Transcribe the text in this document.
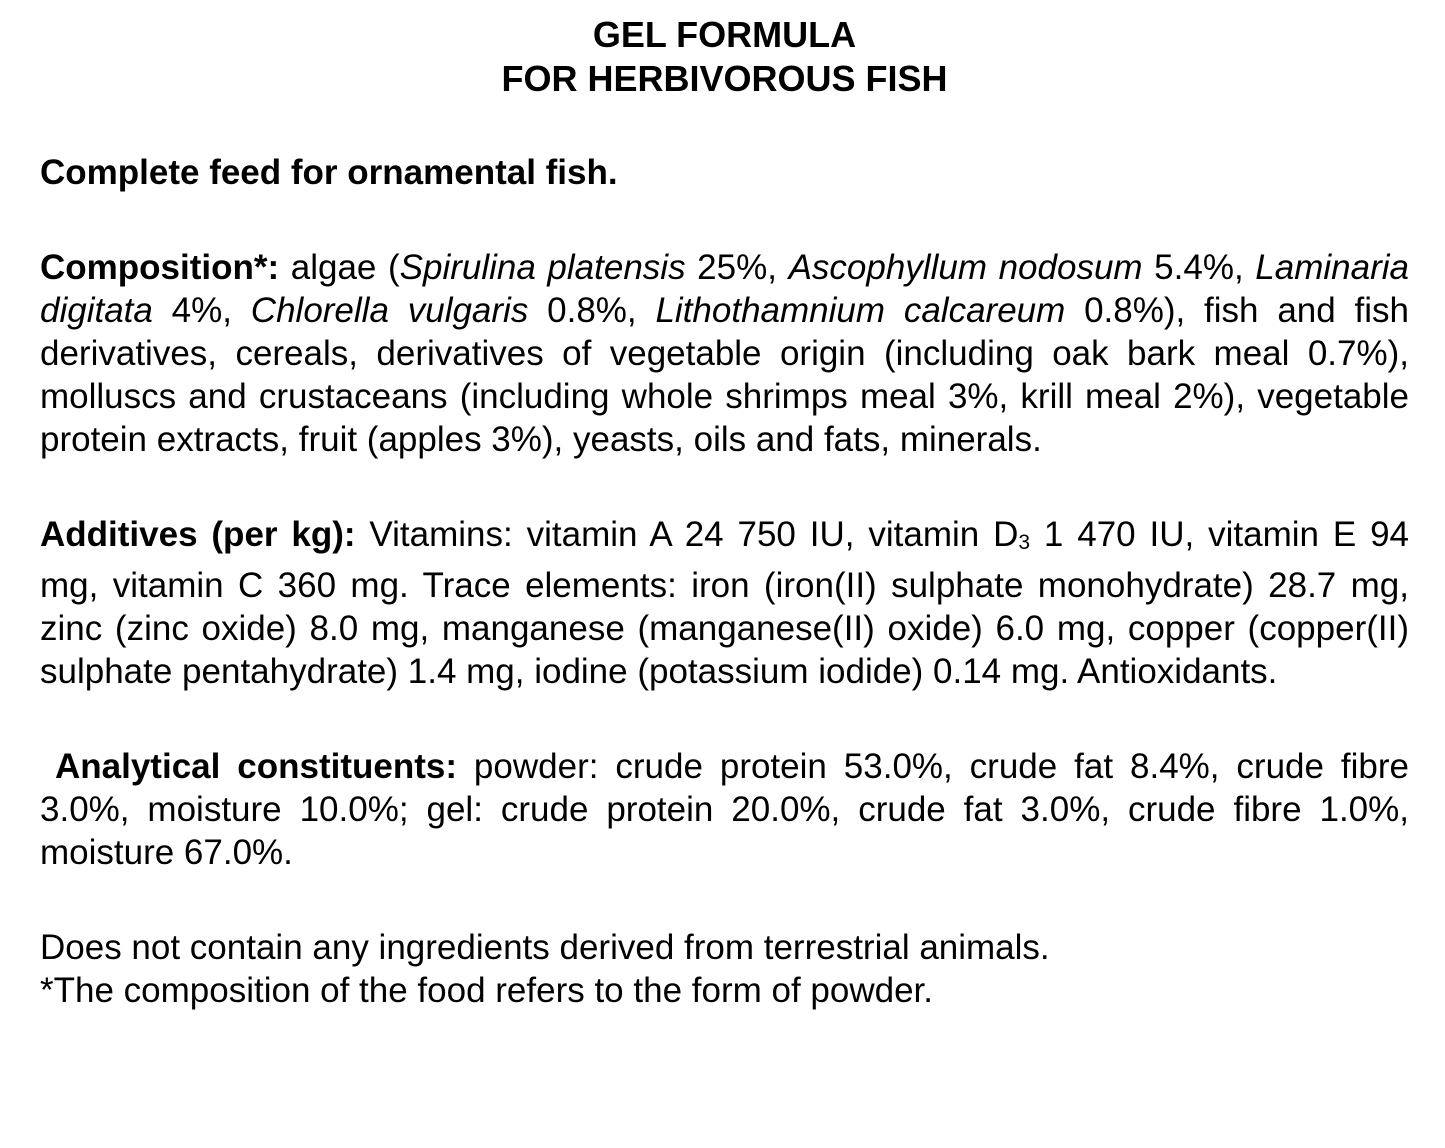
GEL FORMULA
FOR HERBIVOROUS FISH

Complete feed for ornamental fish.

Composition*: algae (Spirulina platensis 25%, Ascophyllum nodosum 5.4%, Laminaria digitata 4%, Chlorella vulgaris 0.8%, Lithothamnium calcareum 0.8%), fish and fish derivatives, cereals, derivatives of vegetable origin (including oak bark meal 0.7%), molluscs and crustaceans (including whole shrimps meal 3%, krill meal 2%), vegetable protein extracts, fruit (apples 3%), yeasts, oils and fats, minerals.

Additives (per kg): Vitamins: vitamin A 24 750 IU, vitamin D3 1 470 IU, vitamin E 94 mg, vitamin C 360 mg. Trace elements: iron (iron(II) sulphate monohydrate) 28.7 mg, zinc (zinc oxide) 8.0 mg, manganese (manganese(II) oxide) 6.0 mg, copper (copper(II) sulphate pentahydrate) 1.4 mg, iodine (potassium iodide) 0.14 mg. Antioxidants.

Analytical constituents: powder: crude protein 53.0%, crude fat 8.4%, crude fibre 3.0%, moisture 10.0%; gel: crude protein 20.0%, crude fat 3.0%, crude fibre 1.0%, moisture 67.0%.

Does not contain any ingredients derived from terrestrial animals.
*The composition of the food refers to the form of powder.
